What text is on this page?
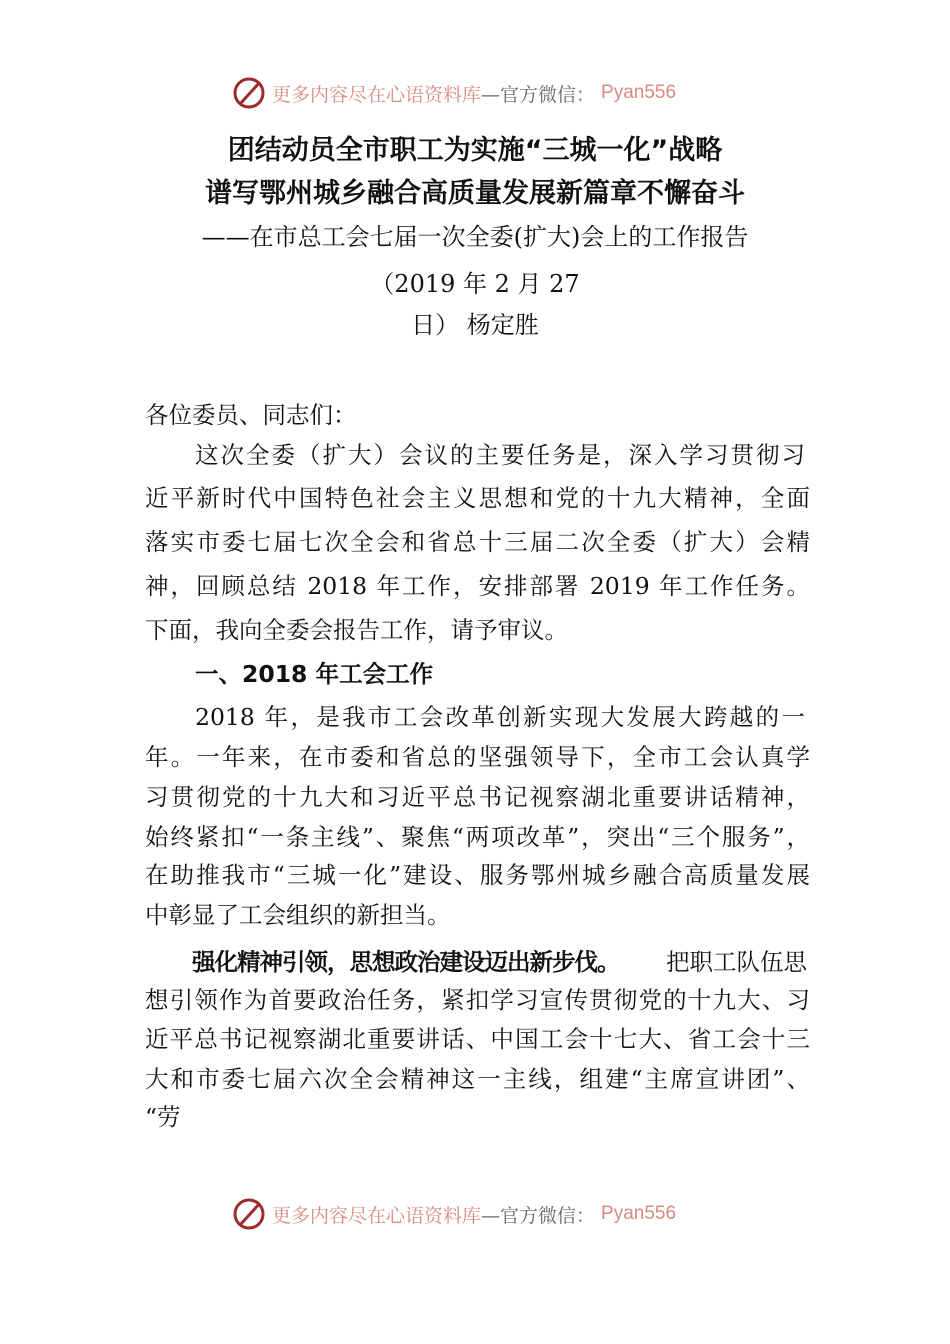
更多内容尽在心语资料库 —官方微信： Pyan556
团结动员全市职工为实施“三城一化”战略
谱写鄂州城乡融合高质量发展新篇章不懈奋斗
——在市总工会七届一次全委(扩大)会上的工作报告
（2019 年 2 月 27
日） 杨定胜
各位委员、同志们：
这次全委（扩大）会议的主要任务是，深入学习贯彻习
近平新时代中国特色社会主义思想和党的十九大精神，全面
落实市委七届七次全会和省总十三届二次全委（扩大）会精
神，回顾总结 2018 年工作，安排部署 2019 年工作任务。
下面，我向全委会报告工作，请予审议。
一、2018 年工会工作
2018 年，是我市工会改革创新实现大发展大跨越的一
年。一年来，在市委和省总的坚强领导下，全市工会认真学
习贯彻党的十九大和习近平总书记视察湖北重要讲话精神，
始终紧扣“一条主线”、聚焦“两项改革”，突出“三个服务”，
在助推我市“三城一化”建设、服务鄂州城乡融合高质量发展
中彰显了工会组织的新担当。
强化精神引领，思想政治建设迈出新步伐。 把职工队伍思
想引领作为首要政治任务，紧扣学习宣传贯彻党的十九大、习
近平总书记视察湖北重要讲话、中国工会十七大、省工会十三
大和市委七届六次全会精神这一主线，组建“主席宣讲团”、
“劳
更多内容尽在心语资料库 —官方微信： Pyan556
